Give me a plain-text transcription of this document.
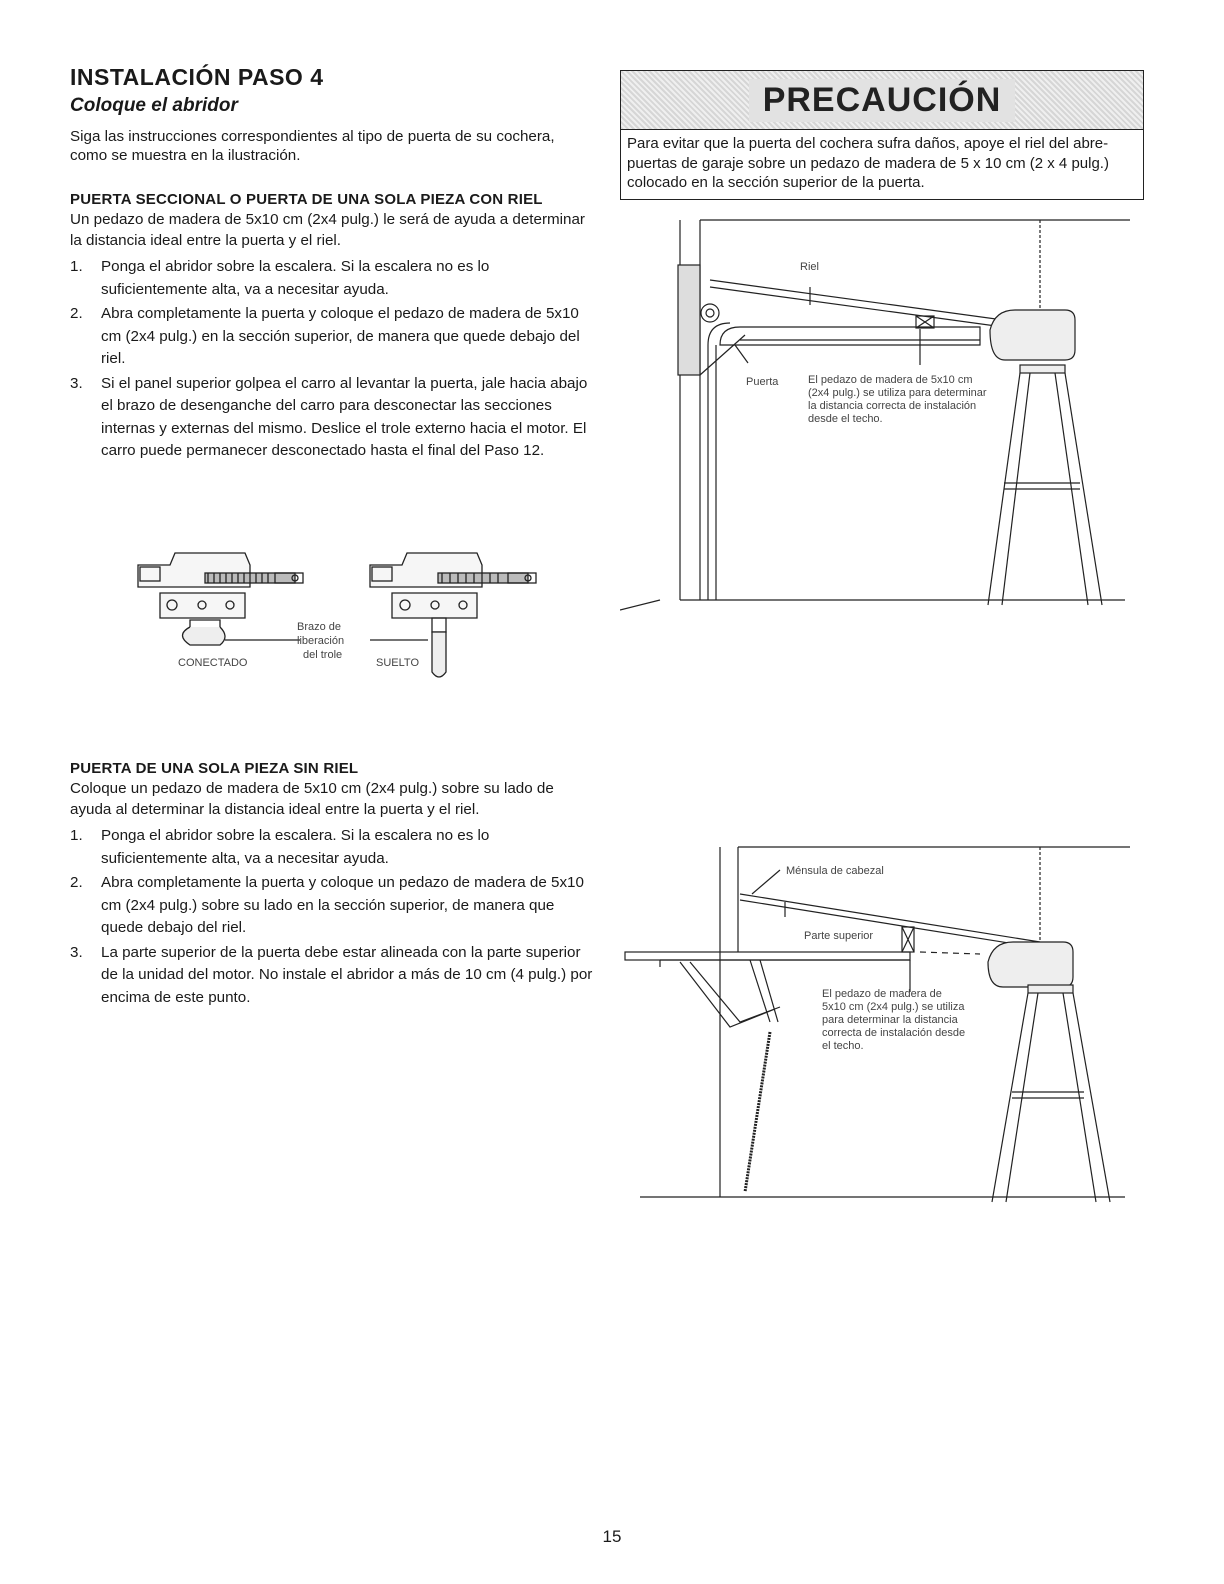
INSTALACIÓN PASO 4
Coloque el abridor

Siga las instrucciones correspondientes al tipo de puerta de su cochera, como se muestra en la ilustración.

PUERTA SECCIONAL O PUERTA DE UNA SOLA PIEZA CON RIEL

Un pedazo de madera de 5x10 cm (2x4 pulg.) le será de ayuda a determinar la distancia ideal entre la puerta y el riel.

1. Ponga el abridor sobre la escalera. Si la escalera no es lo suficientemente alta, va a necesitar ayuda.
2. Abra completamente la puerta y coloque el pedazo de madera de 5x10 cm (2x4 pulg.) en la sección superior, de manera que quede debajo del riel.
3. Si el panel superior golpea el carro al levantar la puerta, jale hacia abajo el brazo de desenganche del carro para desconectar las secciones internas y externas del mismo. Deslice el trole externo hacia el motor. El carro puede permanecer desconectado hasta el final del Paso 12.
CONECTADO
Brazo de
liberación
del trole
SUELTO
PUERTA DE UNA SOLA PIEZA SIN RIEL

Coloque un pedazo de madera de 5x10 cm (2x4 pulg.) sobre su lado de ayuda al determinar la distancia ideal entre la puerta y el riel.

1. Ponga el abridor sobre la escalera. Si la escalera no es lo suficientemente alta, va a necesitar ayuda.
2. Abra completamente la puerta y coloque un pedazo de madera de 5x10 cm (2x4 pulg.) sobre su lado en la sección superior, de manera que quede debajo del riel.
3. La parte superior de la puerta debe estar alineada con la parte superior de la unidad del motor. No instale el abridor a más de 10 cm (4 pulg.) por encima de este punto.
PRECAUCIÓN
Para evitar que la puerta del cochera sufra daños, apoye el riel del abre-puertas de garaje sobre un pedazo de madera de 5 x 10 cm (2 x 4 pulg.) colocado en la sección superior de la puerta.
Riel
Puerta	El pedazo de madera de 5x10 cm
(2x4 pulg.) se utiliza para determinar
la distancia correcta de instalación
desde el techo.
Ménsula de cabezal
Parte superior
El pedazo de madera de
5x10 cm (2x4 pulg.) se utiliza
para determinar la distancia
correcta de instalación desde
el techo.
15
